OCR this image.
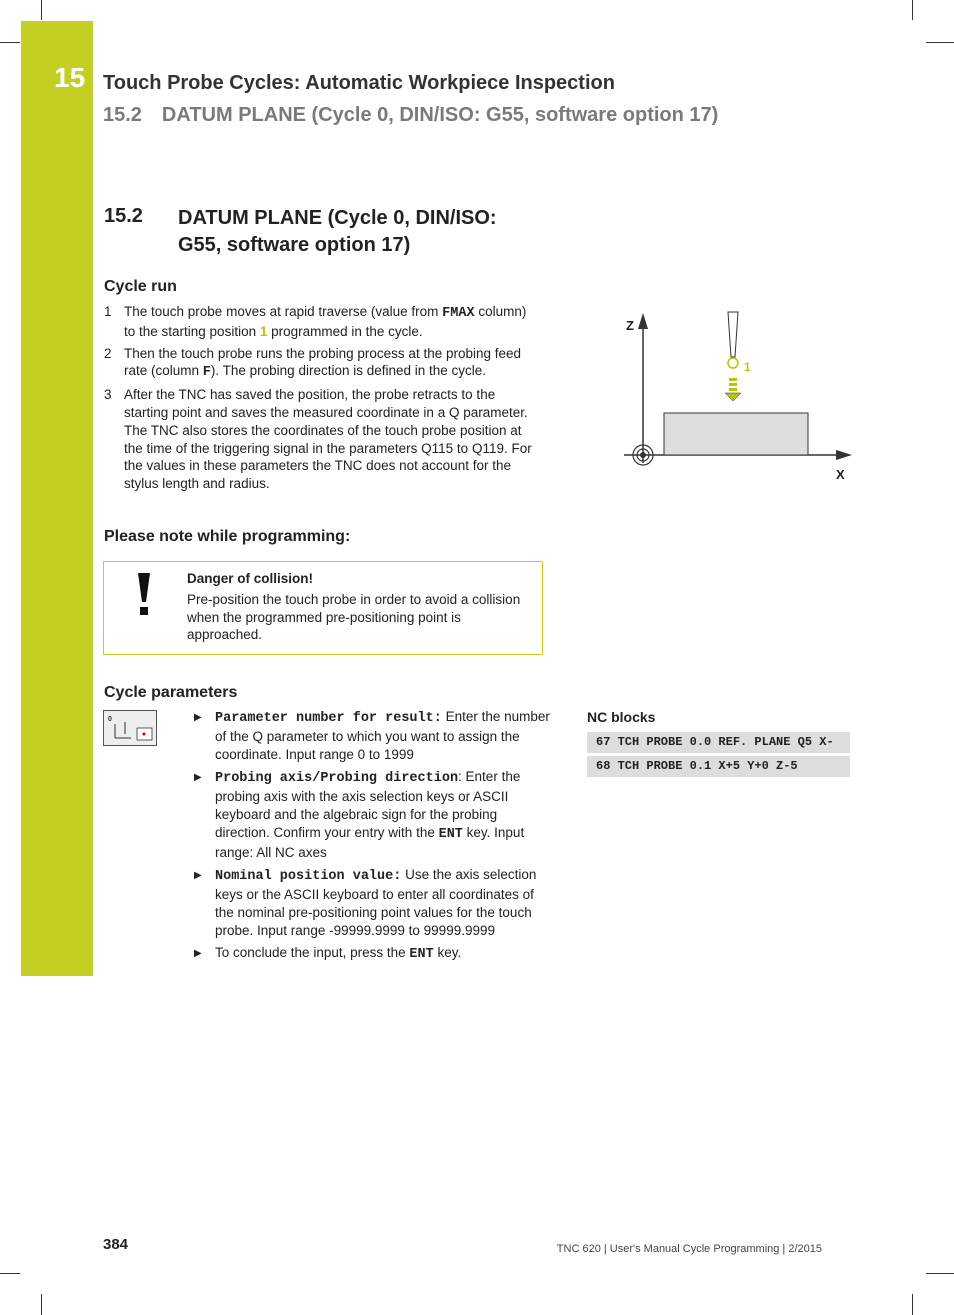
15 Touch Probe Cycles: Automatic Workpiece Inspection
15.2 DATUM PLANE (Cycle 0, DIN/ISO: G55, software option 17)
15.2 DATUM PLANE (Cycle 0, DIN/ISO: G55, software option 17)
Cycle run
1 The touch probe moves at rapid traverse (value from FMAX column) to the starting position 1 programmed in the cycle.
2 Then the touch probe runs the probing process at the probing feed rate (column F). The probing direction is defined in the cycle.
3 After the TNC has saved the position, the probe retracts to the starting point and saves the measured coordinate in a Q parameter. The TNC also stores the coordinates of the touch probe position at the time of the triggering signal in the parameters Q115 to Q119. For the values in these parameters the TNC does not account for the stylus length and radius.
Z
X
1
Please note while programming:
Danger of collision!
Pre-position the touch probe in order to avoid a collision when the programmed pre-positioning point is approached.
Cycle parameters
0	▶ Parameter number for result: Enter the number of the Q parameter to which you want to assign the coordinate. Input range 0 to 1999
▶ Probing axis/Probing direction: Enter the probing axis with the axis selection keys or ASCII keyboard and the algebraic sign for the probing direction. Confirm your entry with the ENT key. Input range: All NC axes
▶ Nominal position value: Use the axis selection keys or the ASCII keyboard to enter all coordinates of the nominal pre-positioning point values for the touch probe. Input range -99999.9999 to 99999.9999
▶ To conclude the input, press the ENT key.
NC blocks
67 TCH PROBE 0.0 REF. PLANE Q5 X-
68 TCH PROBE 0.1 X+5 Y+0 Z-5
384	TNC 620 | User's Manual Cycle Programming | 2/2015
